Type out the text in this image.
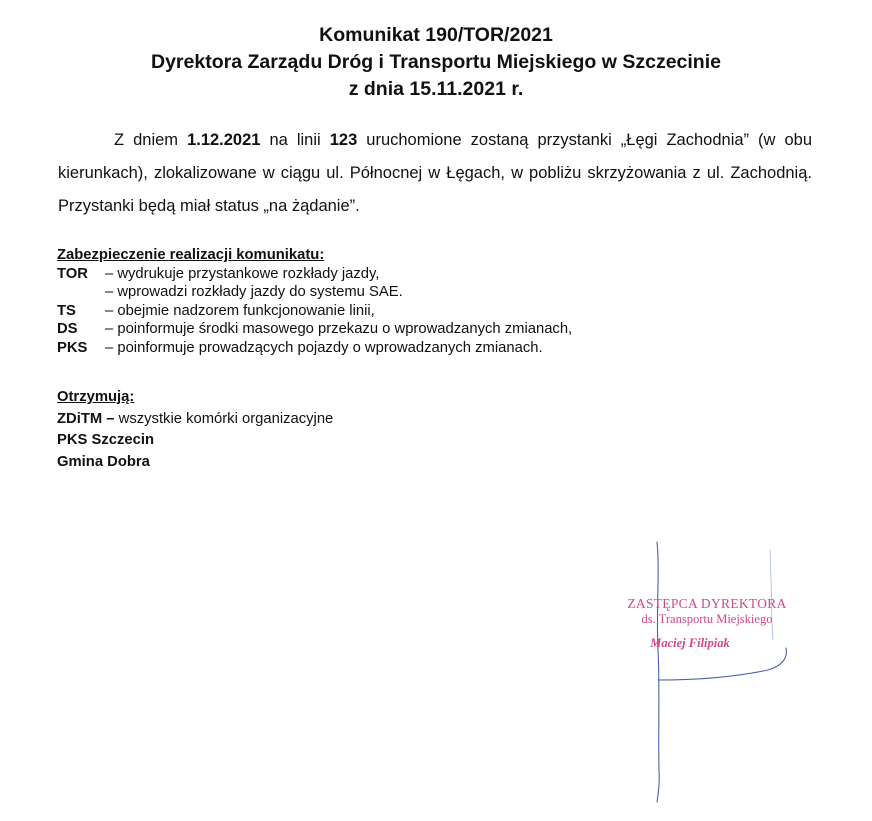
Komunikat 190/TOR/2021
Dyrektora Zarządu Dróg i Transportu Miejskiego w Szczecinie
z dnia 15.11.2021 r.
Z dniem 1.12.2021 na linii 123 uruchomione zostaną przystanki „Łęgi Zachodnia” (w obu kierunkach), zlokalizowane w ciągu ul. Północnej w Łęgach, w pobliżu skrzyżowania z ul. Zachodnią. Przystanki będą miał status „na żądanie”.
Zabezpieczenie realizacji komunikatu:
TOR	– wydrukuje przystankowe rozkłady jazdy,
– wprowadzi rozkłady jazdy do systemu SAE.
TS	– obejmie nadzorem funkcjonowanie linii,
DS	– poinformuje środki masowego przekazu o wprowadzanych zmianach,
PKS	– poinformuje prowadzących pojazdy o wprowadzanych zmianach.
Otrzymują:
ZDiTM – wszystkie komórki organizacyjne
PKS Szczecin
Gmina Dobra
ZASTĘPCA DYREKTORA
ds. Transportu Miejskiego
Maciej Filipiak
